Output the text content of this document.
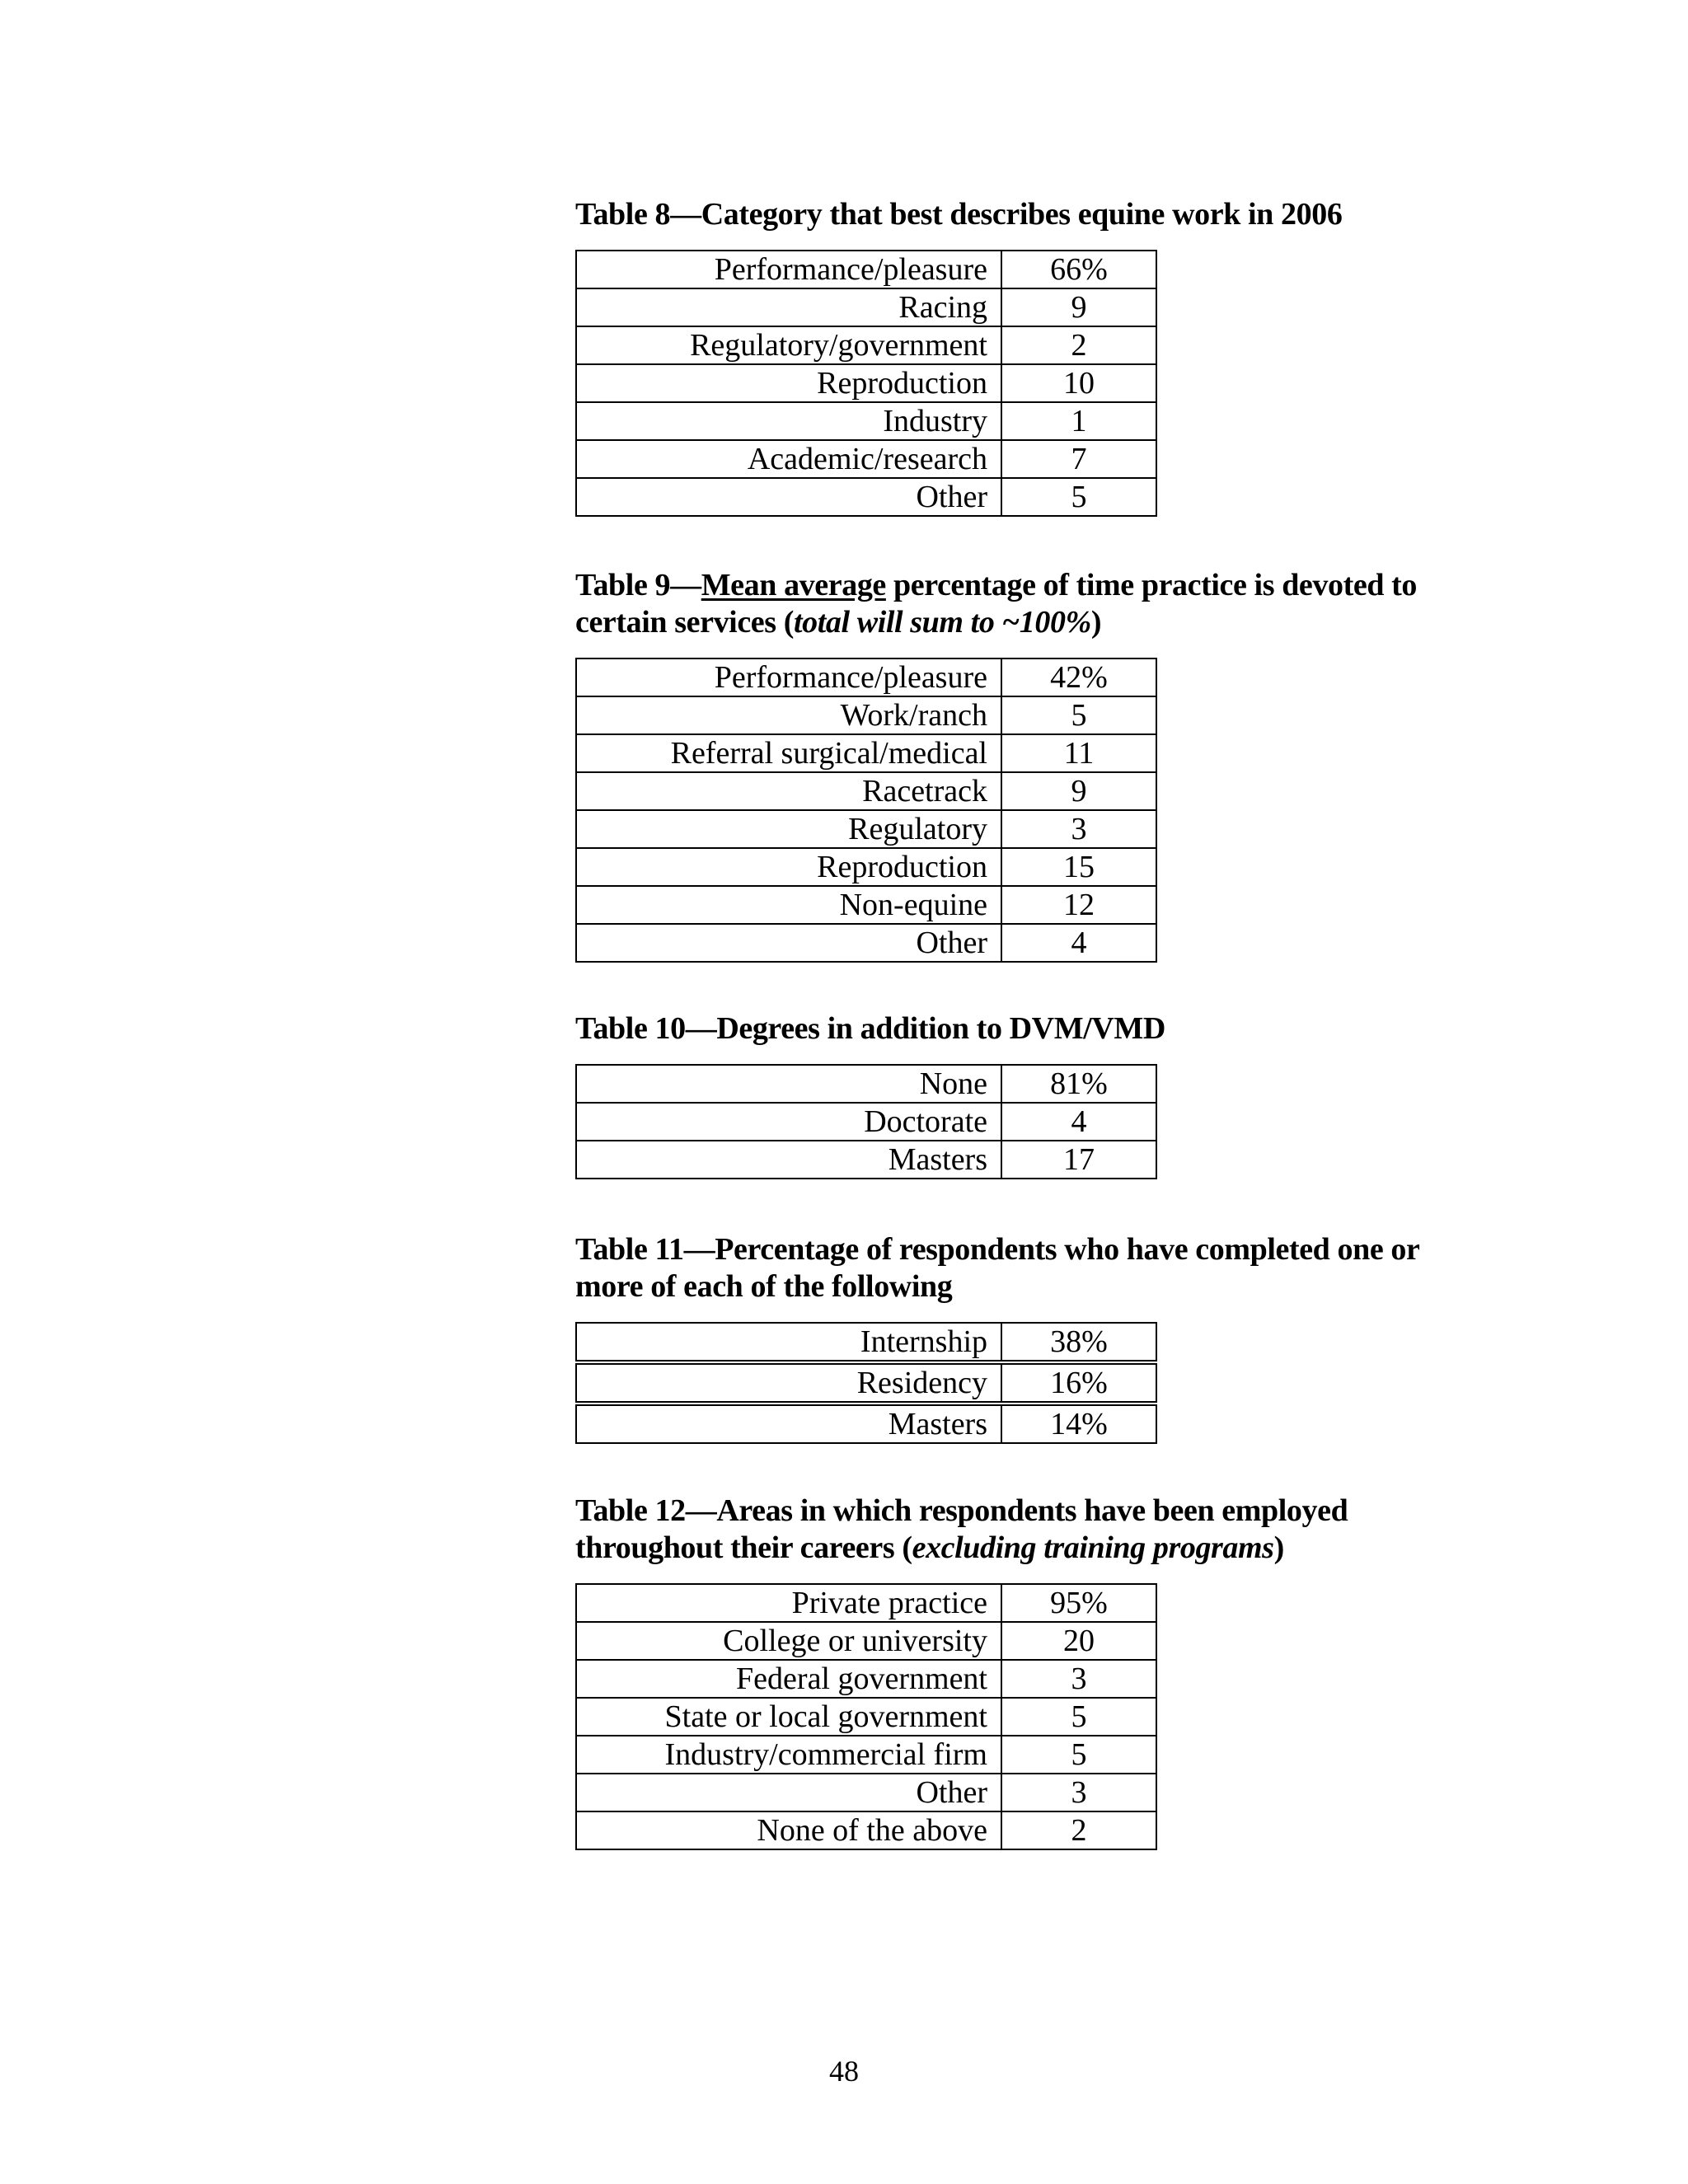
Table 8—Category that best describes equine work in 2006

Performance/pleasure	66%
Racing	9
Regulatory/government	2
Reproduction	10
Industry	1
Academic/research	7
Other	5

Table 9—Mean average percentage of time practice is devoted to certain services (total will sum to ~100%)

Performance/pleasure	42%
Work/ranch	5
Referral surgical/medical	11
Racetrack	9
Regulatory	3
Reproduction	15
Non-equine	12
Other	4

Table 10—Degrees in addition to DVM/VMD

None	81%
Doctorate	4
Masters	17

Table 11—Percentage of respondents who have completed one or more of each of the following

Internship	38%
Residency	16%
Masters	14%

Table 12—Areas in which respondents have been employed throughout their careers (excluding training programs)

Private practice	95%
College or university	20
Federal government	3
State or local government	5
Industry/commercial firm	5
Other	3
None of the above	2
48
